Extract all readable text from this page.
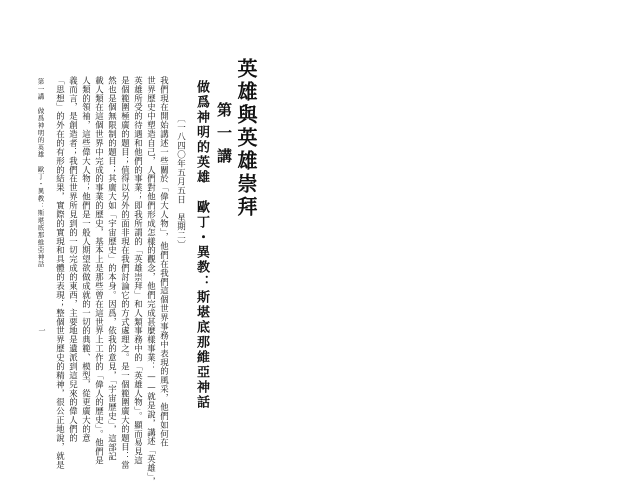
英雄與英雄崇拜
第一講
做爲神明的英雄　歐丁・異教：斯堪底那維亞神話
〔一八四〇年五月五日　星期二〕
我們現在開始講述一些關於「偉大人物」，他們在我們這個世界事務中表現的風采，他們如何在
世界歷史中塑造自己，人們對他們形成怎樣的觀念，他們完成甚麼樣事業：——就是說，講述「英雄」，
英雄所受的待遇和他們的事業；即我所謂的「英雄崇拜」和人類事務中的「英雄人物」。顯而易見這
是個範圍極廣的題目；值得以另外的面非現在我們討論它的方式處理之。是一個範圍廣大的題目：當
然也是個無限制的題目；其廣大如「宇宙歷史」的本身。因爲，依我的意見，「宇宙歷史」，這部記
載人類在這個世界中完成的事業的歷史，基本上是那些曾在這世界上工作的「偉人的歷史」。他們是
人類的領袖，這些偉大人物；他們是一般人期望欲做成就的一切的典範、模型，從更廣大的意
義而言，是創造者；我們在世界所見到的一切完成的東西，主要地是遺派到這兒來的偉人們的
「思想」的外在的有形的結果，實際的實現和具體的表現；整個世界歷史的精神，很公正地說，就是
第一講　做爲神明的英雄　歐丁・異教：斯堪底那維亞神話
一
